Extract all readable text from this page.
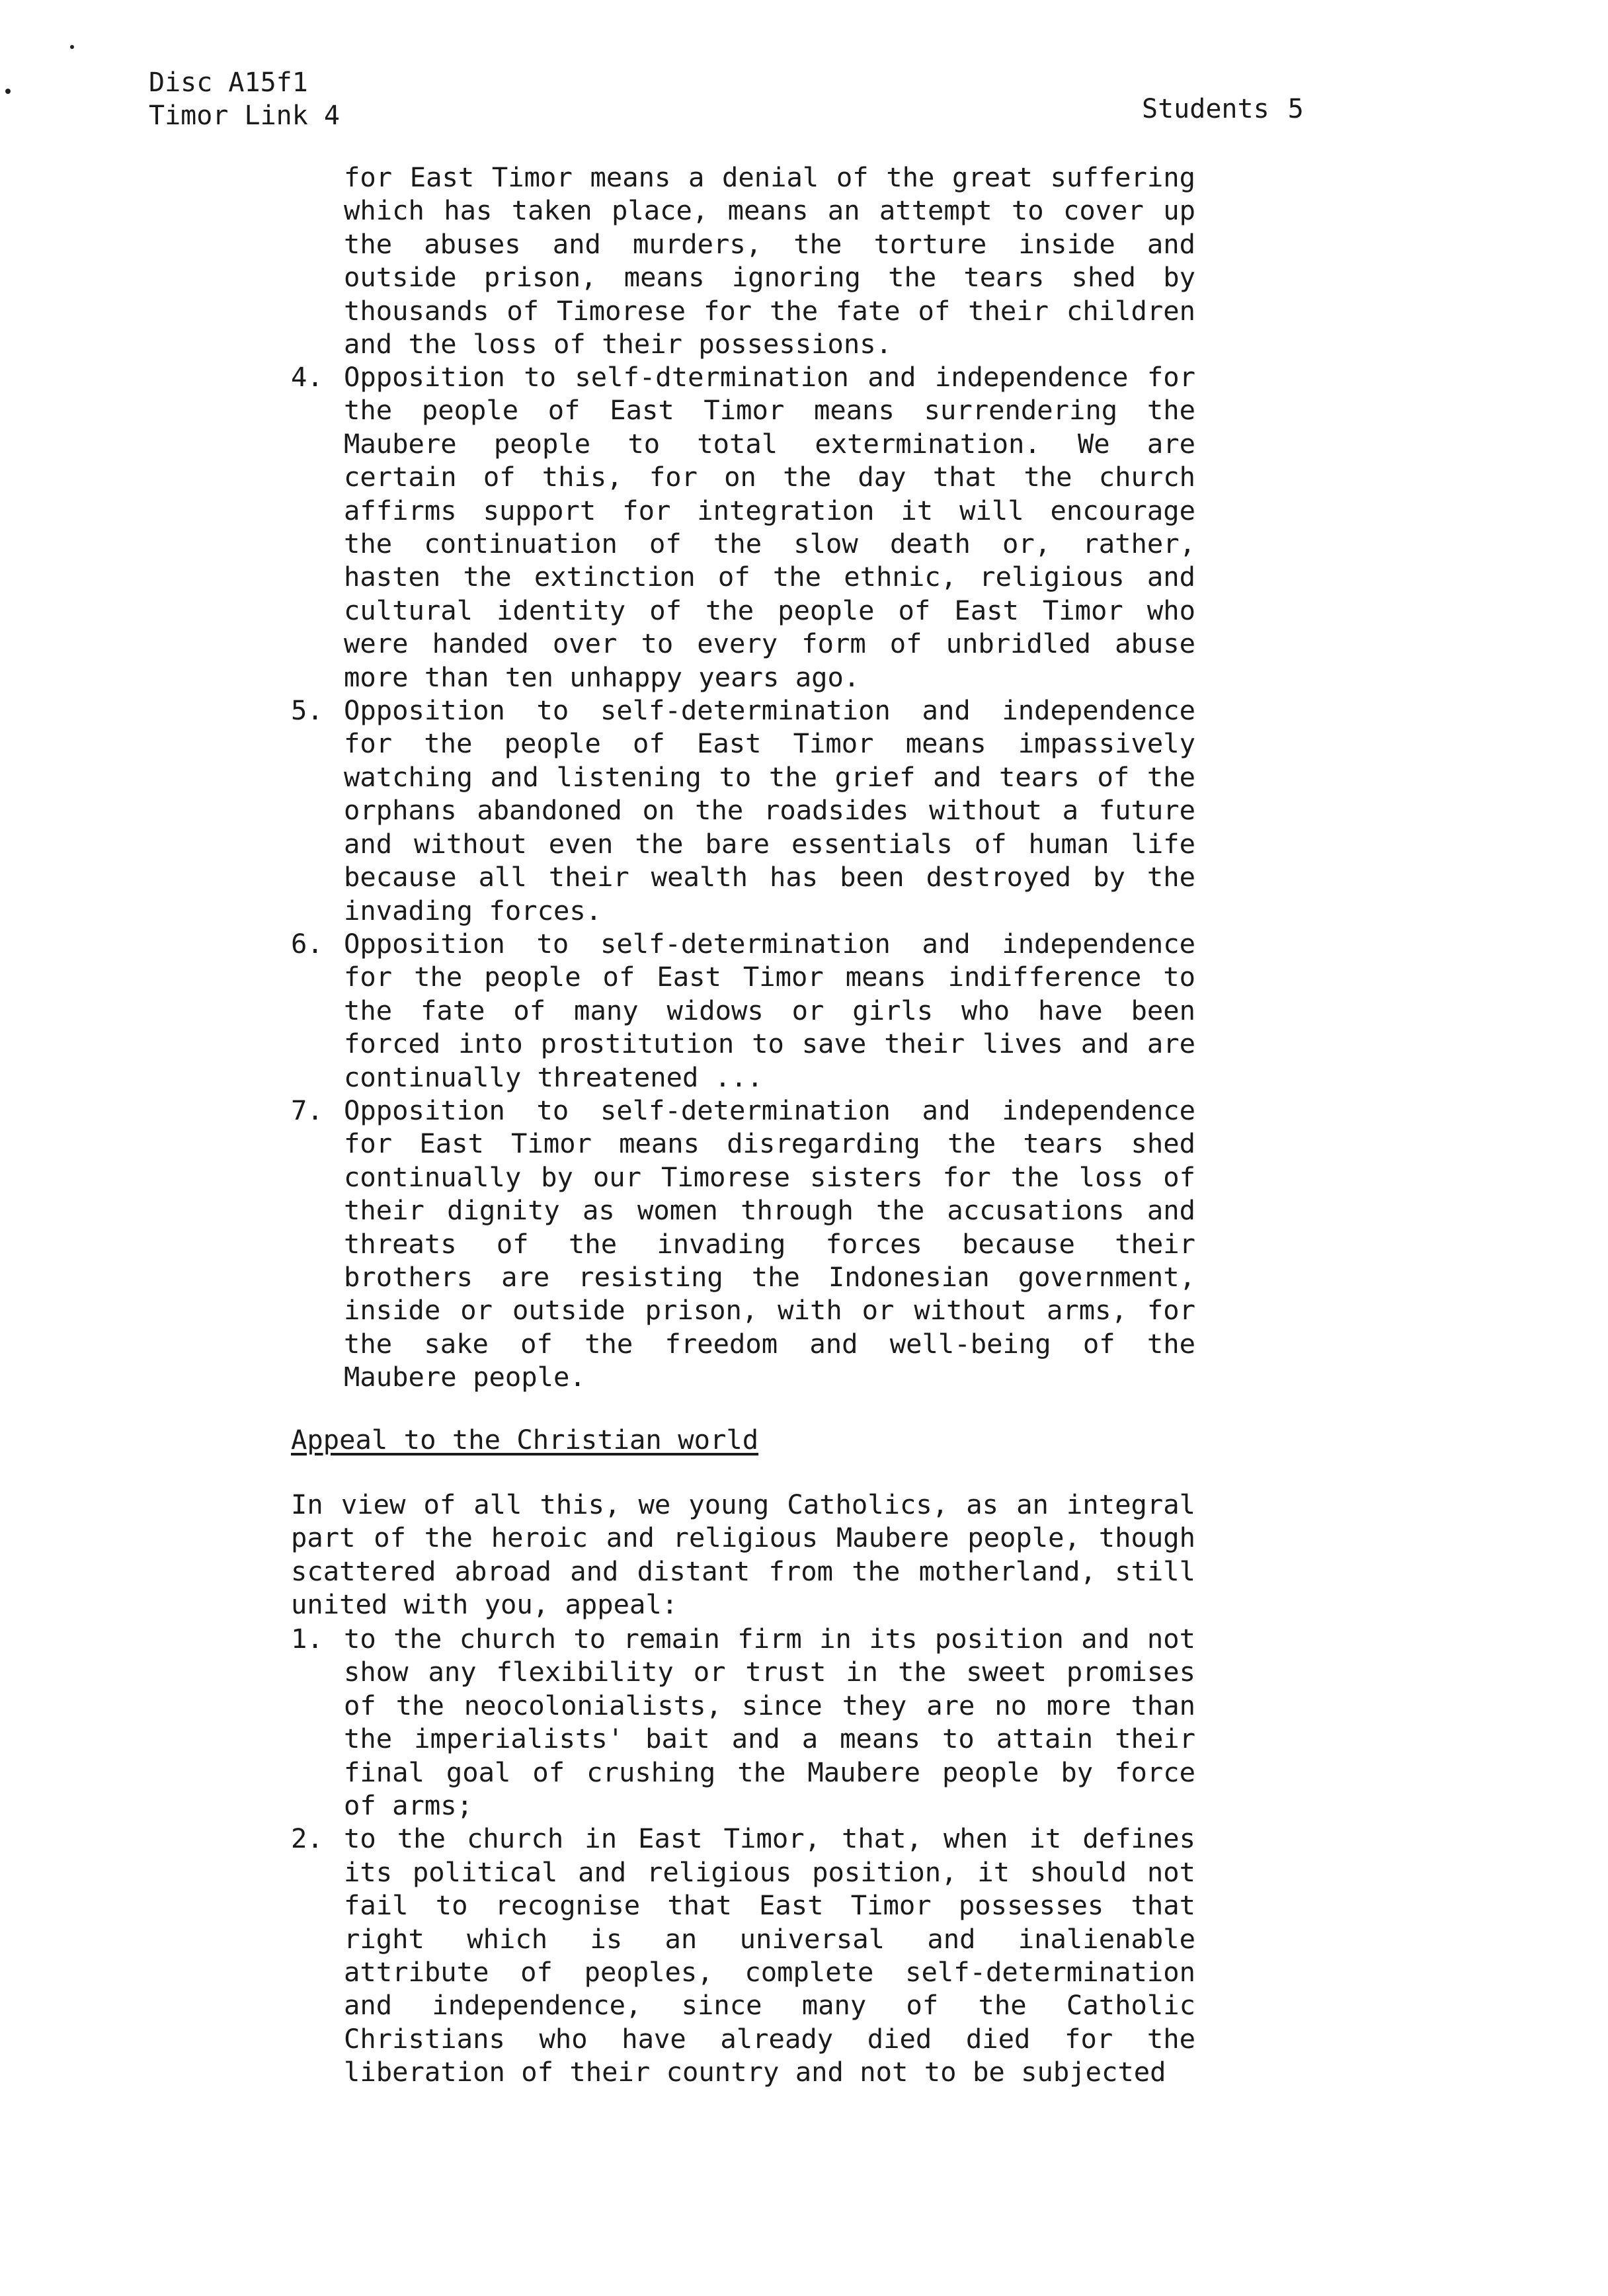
Disc A15f1
Timor Link 4	Students 5
for East Timor means a denial of the great suffering which has taken place, means an attempt to cover up the abuses and murders, the torture inside and outside prison, means ignoring the tears shed by thousands of Timorese for the fate of their children and the loss of their possessions.
4. Opposition to self-dtermination and independence for the people of East Timor means surrendering the Maubere people to total extermination. We are certain of this, for on the day that the church affirms support for integration it will encourage the continuation of the slow death or, rather, hasten the extinction of the ethnic, religious and cultural identity of the people of East Timor who were handed over to every form of unbridled abuse more than ten unhappy years ago.
5. Opposition to self-determination and independence for the people of East Timor means impassively watching and listening to the grief and tears of the orphans abandoned on the roadsides without a future and without even the bare essentials of human life because all their wealth has been destroyed by the invading forces.
6. Opposition to self-determination and independence for the people of East Timor means indifference to the fate of many widows or girls who have been forced into prostitution to save their lives and are continually threatened ...
7. Opposition to self-determination and independence for East Timor means disregarding the tears shed continually by our Timorese sisters for the loss of their dignity as women through the accusations and threats of the invading forces because their brothers are resisting the Indonesian government, inside or outside prison, with or without arms, for the sake of the freedom and well-being of the Maubere people.
Appeal to the Christian world
In view of all this, we young Catholics, as an integral part of the heroic and religious Maubere people, though scattered abroad and distant from the motherland, still united with you, appeal:
1. to the church to remain firm in its position and not show any flexibility or trust in the sweet promises of the neocolonialists, since they are no more than the imperialists' bait and a means to attain their final goal of crushing the Maubere people by force of arms;
2. to the church in East Timor, that, when it defines its political and religious position, it should not fail to recognise that East Timor possesses that right which is an universal and inalienable attribute of peoples, complete self-determination and independence, since many of the Catholic Christians who have already died died for the liberation of their country and not to be subjected
